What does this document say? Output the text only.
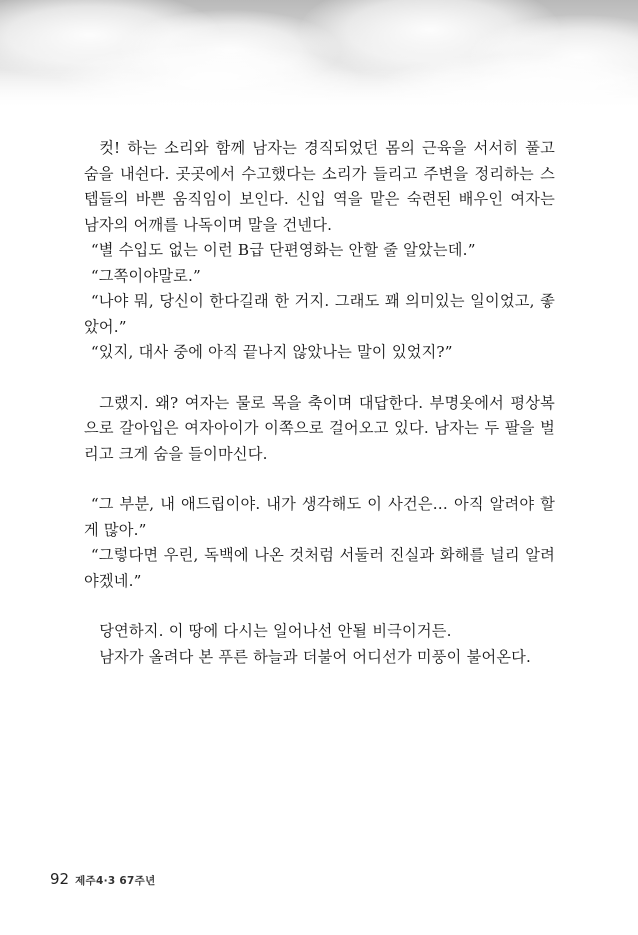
컷! 하는 소리와 함께 남자는 경직되었던 몸의 근육을 서서히 풀고 숨을 내쉰다. 곳곳에서 수고했다는 소리가 들리고 주변을 정리하는 스텝들의 바쁜 움직임이 보인다. 신입 역을 맡은 숙련된 배우인 여자는 남자의 어깨를 나독이며 말을 건넨다.

“별 수입도 없는 이런 B급 단편영화는 안할 줄 알았는데.”

“그쪽이야말로.”

“나야 뭐, 당신이 한다길래 한 거지. 그래도 꽤 의미있는 일이었고, 좋았어.”

“있지, 대사 중에 아직 끝나지 않았나는 말이 있었지?”

그랬지. 왜? 여자는 물로 목을 축이며 대답한다. 부명옷에서 평상복으로 갈아입은 여자아이가 이쪽으로 걸어오고 있다. 남자는 두 팔을 벌리고 크게 숨을 들이마신다.

“그 부분, 내 애드립이야. 내가 생각해도 이 사건은… 아직 알려야 할 게 많아.”

“그렇다면 우린, 독백에 나온 것처럼 서둘러 진실과 화해를 널리 알려야겠네.”

당연하지. 이 땅에 다시는 일어나선 안될 비극이거든.

남자가 올려다 본 푸른 하늘과 더불어 어디선가 미풍이 불어온다.

92 제주4·3 67주년
